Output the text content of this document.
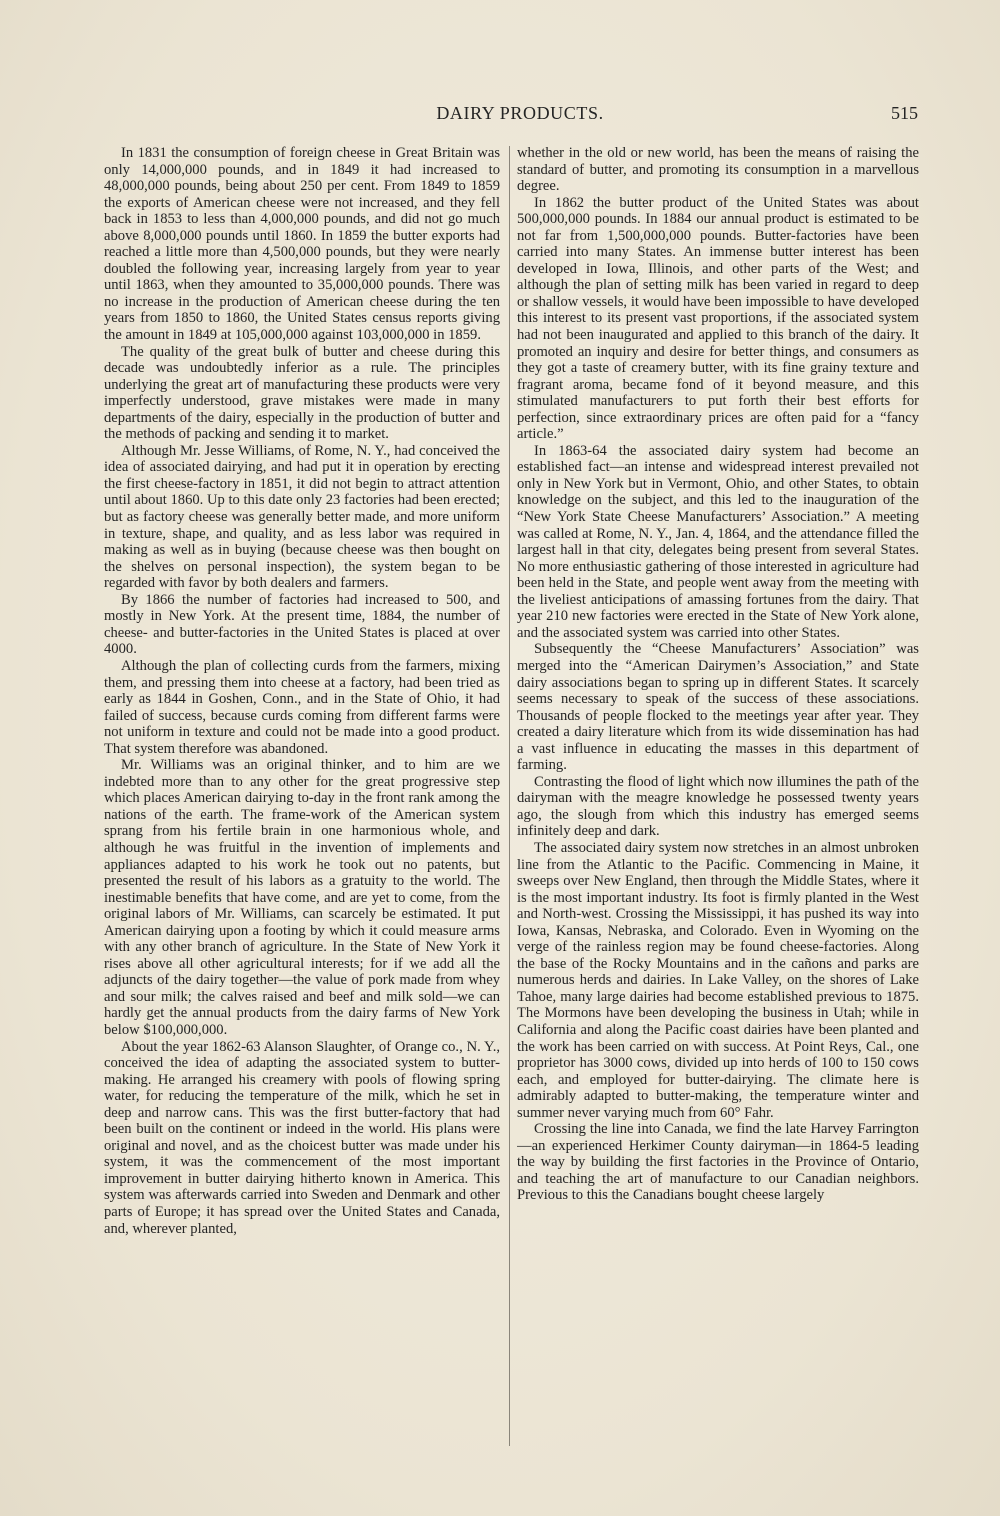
DAIRY PRODUCTS.	515

In 1831 the consumption of foreign cheese in Great Britain was only 14,000,000 pounds, and in 1849 it had increased to 48,000,000 pounds, being about 250 per cent. From 1849 to 1859 the exports of American cheese were not increased, and they fell back in 1853 to less than 4,000,000 pounds, and did not go much above 8,000,000 pounds until 1860. In 1859 the butter exports had reached a little more than 4,500,000 pounds, but they were nearly doubled the following year, increasing largely from year to year until 1863, when they amounted to 35,000,000 pounds. There was no increase in the production of American cheese during the ten years from 1850 to 1860, the United States census reports giving the amount in 1849 at 105,000,000 against 103,000,000 in 1859.

The quality of the great bulk of butter and cheese during this decade was undoubtedly inferior as a rule. The principles underlying the great art of manufacturing these products were very imperfectly understood, grave mistakes were made in many departments of the dairy, especially in the production of butter and the methods of packing and sending it to market.

Although Mr. Jesse Williams, of Rome, N. Y., had conceived the idea of associated dairying, and had put it in operation by erecting the first cheese-factory in 1851, it did not begin to attract attention until about 1860. Up to this date only 23 factories had been erected; but as factory cheese was generally better made, and more uniform in texture, shape, and quality, and as less labor was required in making as well as in buying (because cheese was then bought on the shelves on personal inspection), the system began to be regarded with favor by both dealers and farmers.

By 1866 the number of factories had increased to 500, and mostly in New York. At the present time, 1884, the number of cheese- and butter-factories in the United States is placed at over 4000.

Although the plan of collecting curds from the farmers, mixing them, and pressing them into cheese at a factory, had been tried as early as 1844 in Goshen, Conn., and in the State of Ohio, it had failed of success, because curds coming from different farms were not uniform in texture and could not be made into a good product. That system therefore was abandoned.

Mr. Williams was an original thinker, and to him are we indebted more than to any other for the great progressive step which places American dairying to-day in the front rank among the nations of the earth. The frame-work of the American system sprang from his fertile brain in one harmonious whole, and although he was fruitful in the invention of implements and appliances adapted to his work he took out no patents, but presented the result of his labors as a gratuity to the world. The inestimable benefits that have come, and are yet to come, from the original labors of Mr. Williams, can scarcely be estimated. It put American dairying upon a footing by which it could measure arms with any other branch of agriculture. In the State of New York it rises above all other agricultural interests; for if we add all the adjuncts of the dairy together—the value of pork made from whey and sour milk; the calves raised and beef and milk sold—we can hardly get the annual products from the dairy farms of New York below $100,000,000.

About the year 1862-63 Alanson Slaughter, of Orange co., N. Y., conceived the idea of adapting the associated system to butter-making. He arranged his creamery with pools of flowing spring water, for reducing the temperature of the milk, which he set in deep and narrow cans. This was the first butter-factory that had been built on the continent or indeed in the world. His plans were original and novel, and as the choicest butter was made under his system, it was the commencement of the most important improvement in butter dairying hitherto known in America. This system was afterwards carried into Sweden and Denmark and other parts of Europe; it has spread over the United States and Canada, and, wherever planted,

whether in the old or new world, has been the means of raising the standard of butter, and promoting its consumption in a marvellous degree.

In 1862 the butter product of the United States was about 500,000,000 pounds. In 1884 our annual product is estimated to be not far from 1,500,000,000 pounds. Butter-factories have been carried into many States. An immense butter interest has been developed in Iowa, Illinois, and other parts of the West; and although the plan of setting milk has been varied in regard to deep or shallow vessels, it would have been impossible to have developed this interest to its present vast proportions, if the associated system had not been inaugurated and applied to this branch of the dairy. It promoted an inquiry and desire for better things, and consumers as they got a taste of creamery butter, with its fine grainy texture and fragrant aroma, became fond of it beyond measure, and this stimulated manufacturers to put forth their best efforts for perfection, since extraordinary prices are often paid for a “fancy article.”

In 1863-64 the associated dairy system had become an established fact—an intense and widespread interest prevailed not only in New York but in Vermont, Ohio, and other States, to obtain knowledge on the subject, and this led to the inauguration of the “New York State Cheese Manufacturers’ Association.” A meeting was called at Rome, N. Y., Jan. 4, 1864, and the attendance filled the largest hall in that city, delegates being present from several States. No more enthusiastic gathering of those interested in agriculture had been held in the State, and people went away from the meeting with the liveliest anticipations of amassing fortunes from the dairy. That year 210 new factories were erected in the State of New York alone, and the associated system was carried into other States.

Subsequently the “Cheese Manufacturers’ Association” was merged into the “American Dairymen’s Association,” and State dairy associations began to spring up in different States. It scarcely seems necessary to speak of the success of these associations. Thousands of people flocked to the meetings year after year. They created a dairy literature which from its wide dissemination has had a vast influence in educating the masses in this department of farming.

Contrasting the flood of light which now illumines the path of the dairyman with the meagre knowledge he possessed twenty years ago, the slough from which this industry has emerged seems infinitely deep and dark.

The associated dairy system now stretches in an almost unbroken line from the Atlantic to the Pacific. Commencing in Maine, it sweeps over New England, then through the Middle States, where it is the most important industry. Its foot is firmly planted in the West and North-west. Crossing the Mississippi, it has pushed its way into Iowa, Kansas, Nebraska, and Colorado. Even in Wyoming on the verge of the rainless region may be found cheese-factories. Along the base of the Rocky Mountains and in the cañons and parks are numerous herds and dairies. In Lake Valley, on the shores of Lake Tahoe, many large dairies had become established previous to 1875. The Mormons have been developing the business in Utah; while in California and along the Pacific coast dairies have been planted and the work has been carried on with success. At Point Reys, Cal., one proprietor has 3000 cows, divided up into herds of 100 to 150 cows each, and employed for butter-dairying. The climate here is admirably adapted to butter-making, the temperature winter and summer never varying much from 60° Fahr.

Crossing the line into Canada, we find the late Harvey Farrington—an experienced Herkimer County dairyman—in 1864-5 leading the way by building the first factories in the Province of Ontario, and teaching the art of manufacture to our Canadian neighbors. Previous to this the Canadians bought cheese largely
